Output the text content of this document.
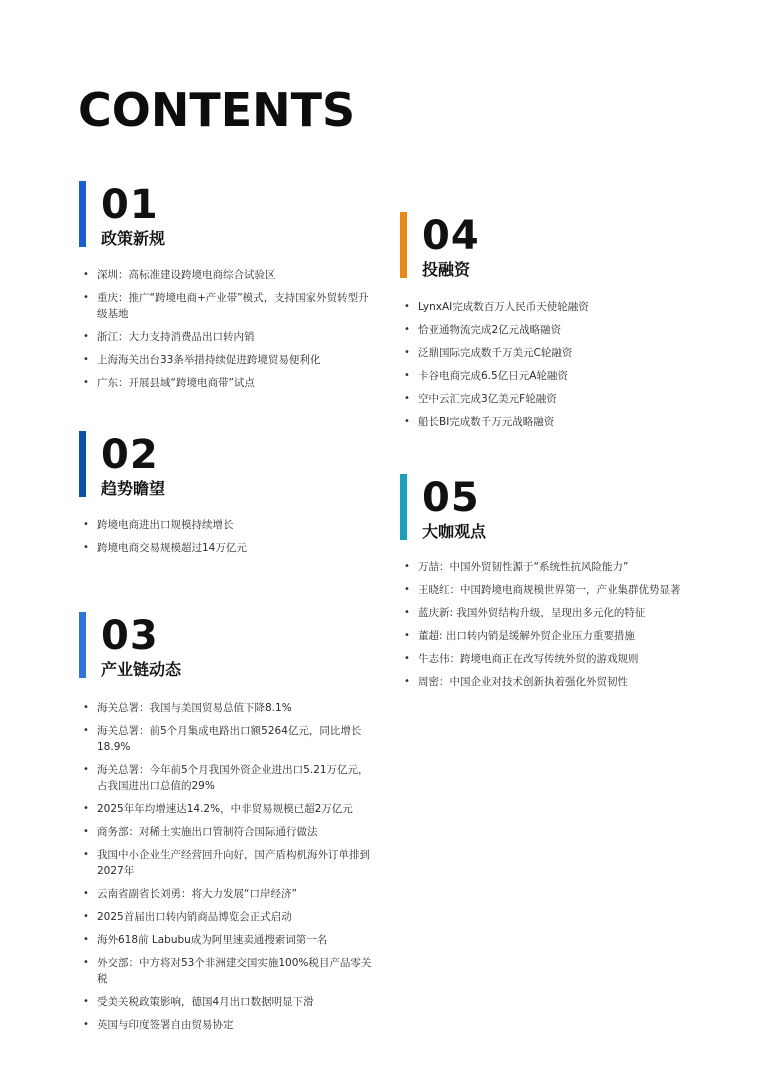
CONTENTS
01
政策新规
• 深圳：高标准建设跨境电商综合试验区
• 重庆：推广“跨境电商+产业带”模式，支持国家外贸转型升级基地
• 浙江：大力支持消费品出口转内销
• 上海海关出台33条举措持续促进跨境贸易便利化
• 广东：开展县域“跨境电商带”试点
02
趋势瞻望
• 跨境电商进出口规模持续增长
• 跨境电商交易规模超过14万亿元
03
产业链动态
• 海关总署：我国与美国贸易总值下降8.1%
• 海关总署：前5个月集成电路出口额5264亿元，同比增长18.9%
• 海关总署：今年前5个月我国外资企业进出口5.21万亿元，占我国进出口总值的29%
• 2025年年均增速达14.2%，中非贸易规模已超2万亿元
• 商务部：对稀土实施出口管制符合国际通行做法
• 我国中小企业生产经营回升向好，国产盾构机海外订单排到2027年
• 云南省副省长刘勇：将大力发展“口岸经济”
• 2025首届出口转内销商品博览会正式启动
• 海外618前 Labubu成为阿里速卖通搜索词第一名
• 外交部：中方将对53个非洲建交国实施100%税目产品零关税
• 受美关税政策影响，德国4月出口数据明显下滑
• 英国与印度签署自由贸易协定
04
投融资
• LynxAI完成数百万人民币天使轮融资
• 恰亚通物流完成2亿元战略融资
• 泛鼎国际完成数千万美元C轮融资
• 卡谷电商完成6.5亿日元A轮融资
• 空中云汇完成3亿美元F轮融资
• 船长BI完成数千万元战略融资
05
大咖观点
• 万喆：中国外贸韧性源于“系统性抗风险能力”
• 王晓红：中国跨境电商规模世界第一，产业集群优势显著
• 蓝庆新: 我国外贸结构升级，呈现出多元化的特征
• 董超: 出口转内销是缓解外贸企业压力重要措施
• 牛志伟：跨境电商正在改写传统外贸的游戏规则
• 周密：中国企业对技术创新执着强化外贸韧性
